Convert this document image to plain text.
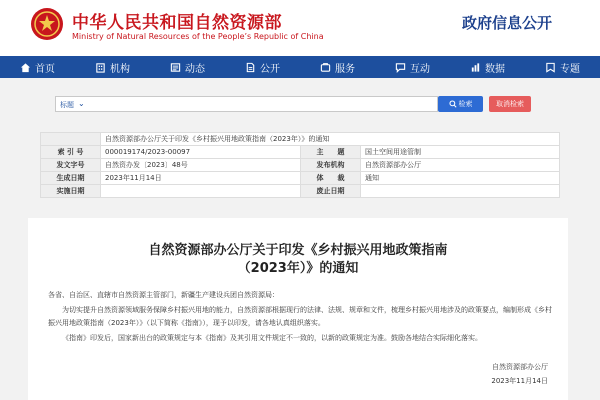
中华人民共和国自然资源部
Ministry of Natural Resources of the People’s Republic of China
政府信息公开
首页	机构	动态	公开	服务	互动	数据	专题
标题 ⌄	检索	取消检索
	自然资源部办公厅关于印发《乡村振兴用地政策指南（2023年）》的通知		
索 引 号	000019174/2023-00097	主　　题	国土空间用途管制
发文字号	自然资办发〔2023〕48号	发布机构	自然资源部办公厅
生成日期	2023年11月14日	体　　裁	通知
实施日期		废止日期	
自然资源部办公厅关于印发《乡村振兴用地政策指南
（2023年）》的通知
各省、自治区、直辖市自然资源主管部门，新疆生产建设兵团自然资源局：
为切实提升自然资源领域服务保障乡村振兴用地的能力，自然资源部根据现行的法律、法规、规章和文件，梳理乡村振兴用地涉及的政策要点，编制形成《乡村振兴用地政策指南（2023年）》（以下简称《指南》），现予以印发，请各地认真组织落实。
《指南》印发后，国家新出台的政策规定与本《指南》及其引用文件规定不一致的，以新的政策规定为准。鼓励各地结合实际细化落实。
自然资源部办公厅
2023年11月14日
